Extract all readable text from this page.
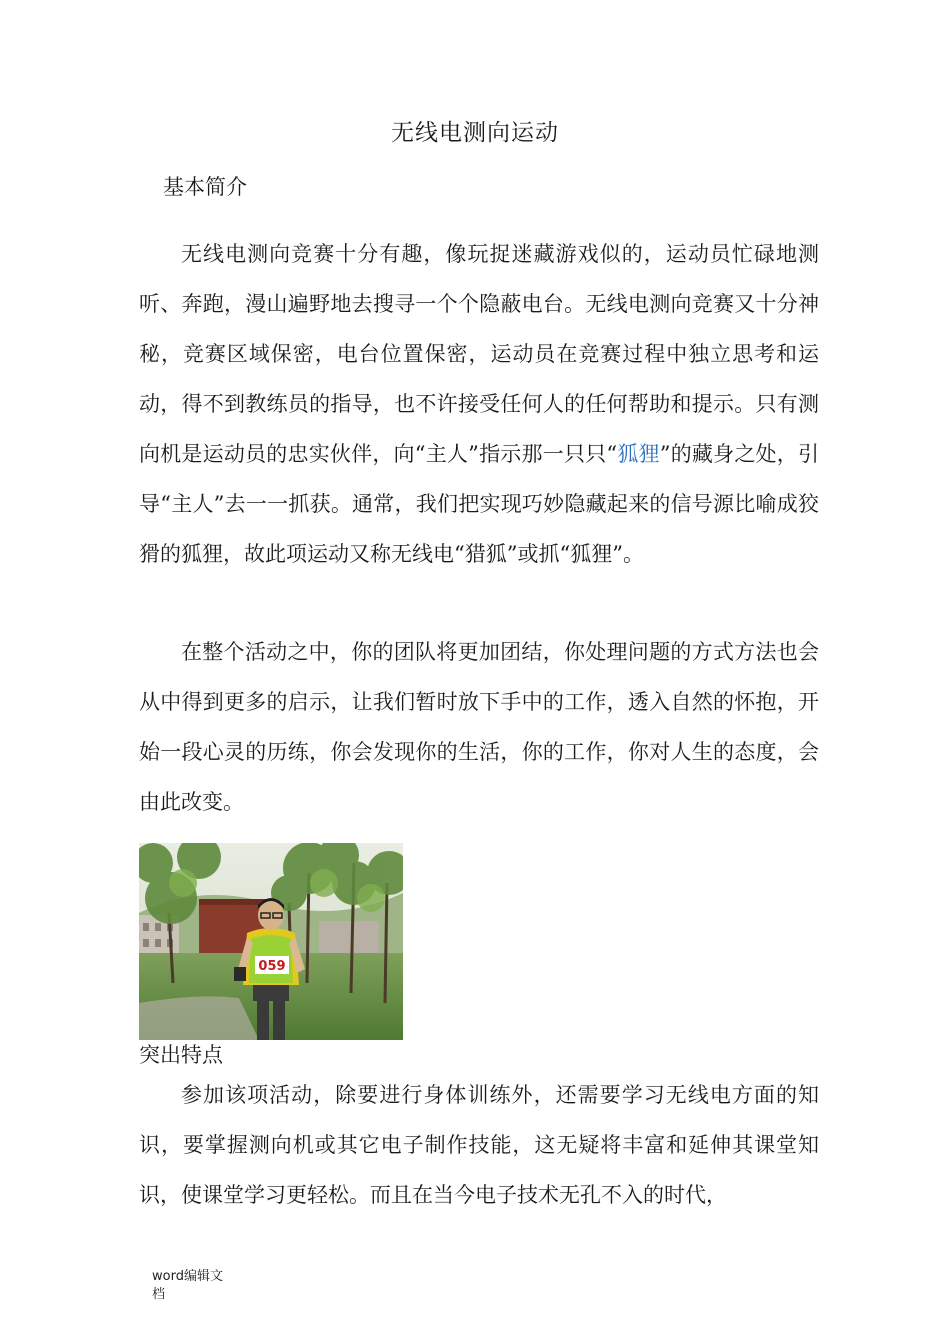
无线电测向运动
基本简介

无线电测向竞赛十分有趣，像玩捉迷藏游戏似的，运动员忙碌地测听、奔跑，漫山遍野地去搜寻一个个隐蔽电台。无线电测向竞赛又十分神秘，竞赛区域保密，电台位置保密，运动员在竞赛过程中独立思考和运动，得不到教练员的指导，也不许接受任何人的任何帮助和提示。只有测向机是运动员的忠实伙伴，向“主人”指示那一只只“狐狸”的藏身之处，引导“主人”去一一抓获。通常，我们把实现巧妙隐藏起来的信号源比喻成狡猾的狐狸，故此项运动又称无线电“猎狐”或抓“狐狸”。

在整个活动之中，你的团队将更加团结，你处理问题的方式方法也会从中得到更多的启示，让我们暂时放下手中的工作，透入自然的怀抱，开始一段心灵的历练，你会发现你的生活，你的工作，你对人生的态度，会由此改变。

059
突出特点

参加该项活动，除要进行身体训练外，还需要学习无线电方面的知识，要掌握测向机或其它电子制作技能，这无疑将丰富和延伸其课堂知识，使课堂学习更轻松。而且在当今电子技术无孔不入的时代，

word编辑文
档
